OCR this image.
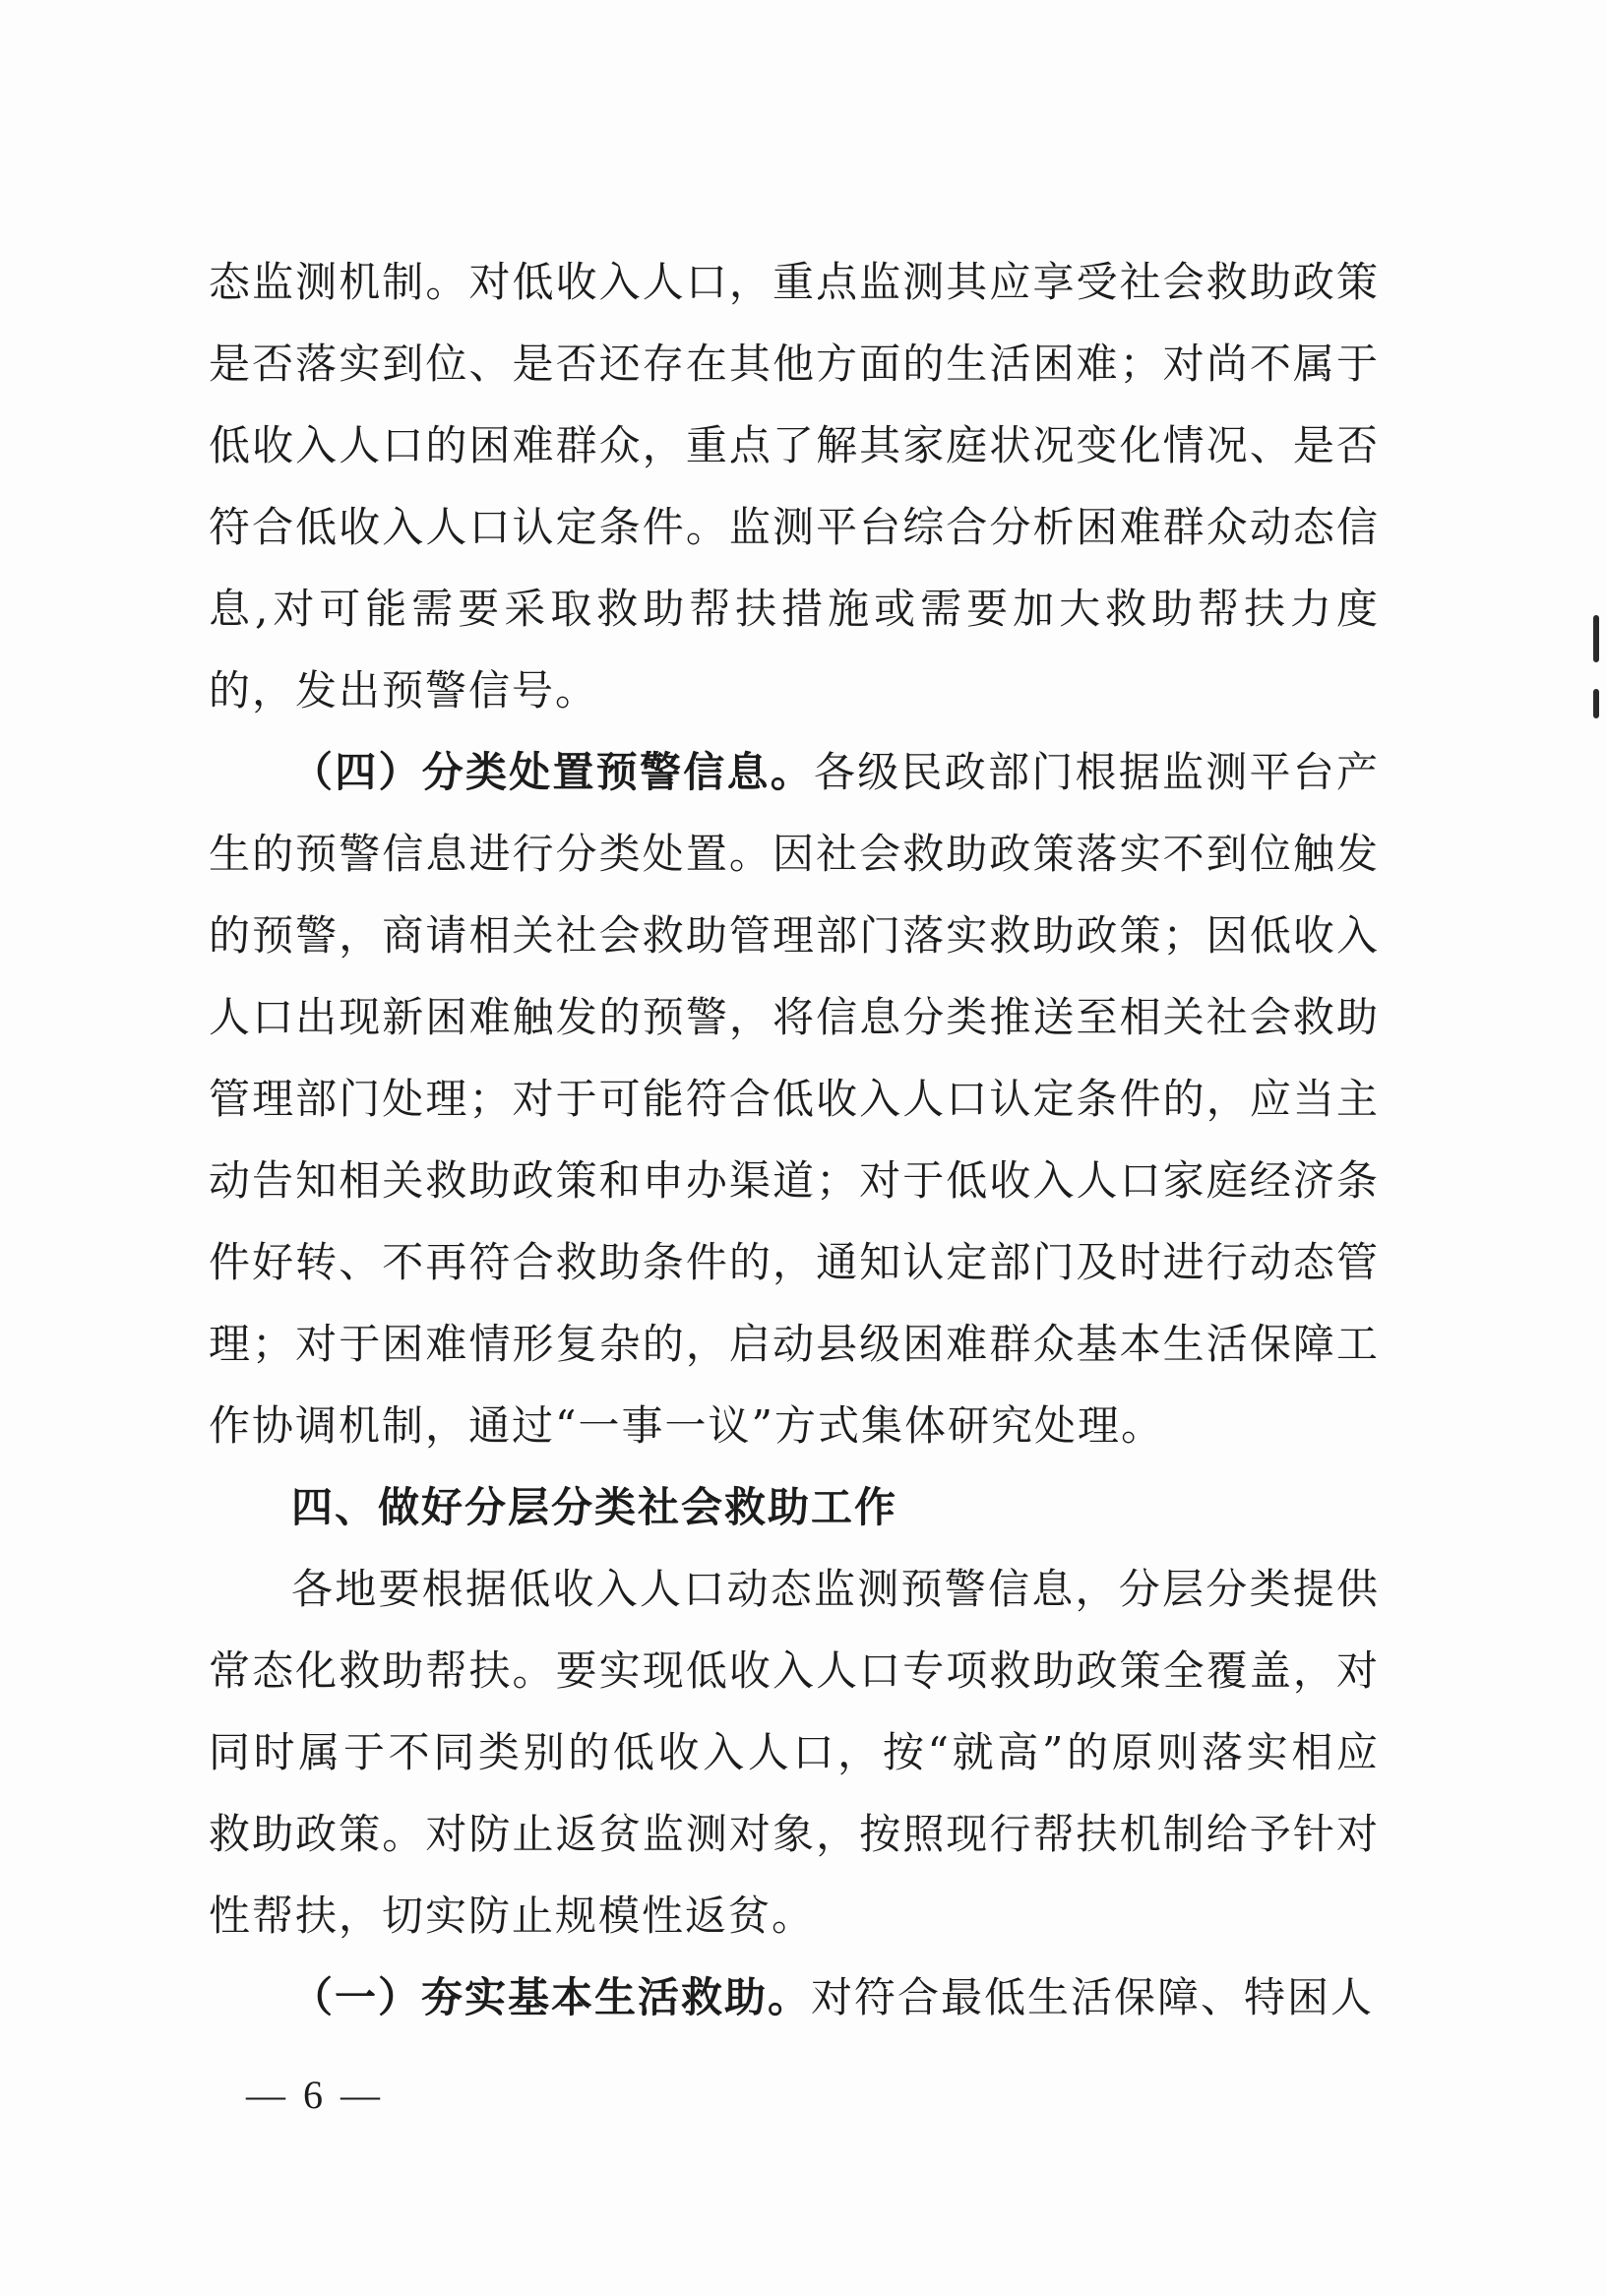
态监测机制。对低收入人口，重点监测其应享受社会救助政策是否落实到位、是否还存在其他方面的生活困难；对尚不属于低收入人口的困难群众，重点了解其家庭状况变化情况、是否符合低收入人口认定条件。监测平台综合分析困难群众动态信息,对可能需要采取救助帮扶措施或需要加大救助帮扶力度的，发出预警信号。

（四）分类处置预警信息。各级民政部门根据监测平台产生的预警信息进行分类处置。因社会救助政策落实不到位触发的预警，商请相关社会救助管理部门落实救助政策；因低收入人口出现新困难触发的预警，将信息分类推送至相关社会救助管理部门处理；对于可能符合低收入人口认定条件的，应当主动告知相关救助政策和申办渠道；对于低收入人口家庭经济条件好转、不再符合救助条件的，通知认定部门及时进行动态管理；对于困难情形复杂的，启动县级困难群众基本生活保障工作协调机制，通过“一事一议”方式集体研究处理。

四、做好分层分类社会救助工作

各地要根据低收入人口动态监测预警信息，分层分类提供常态化救助帮扶。要实现低收入人口专项救助政策全覆盖，对同时属于不同类别的低收入人口，按“就高”的原则落实相应救助政策。对防止返贫监测对象，按照现行帮扶机制给予针对性帮扶，切实防止规模性返贫。

（一）夯实基本生活救助。对符合最低生活保障、特困人

— 6 —
